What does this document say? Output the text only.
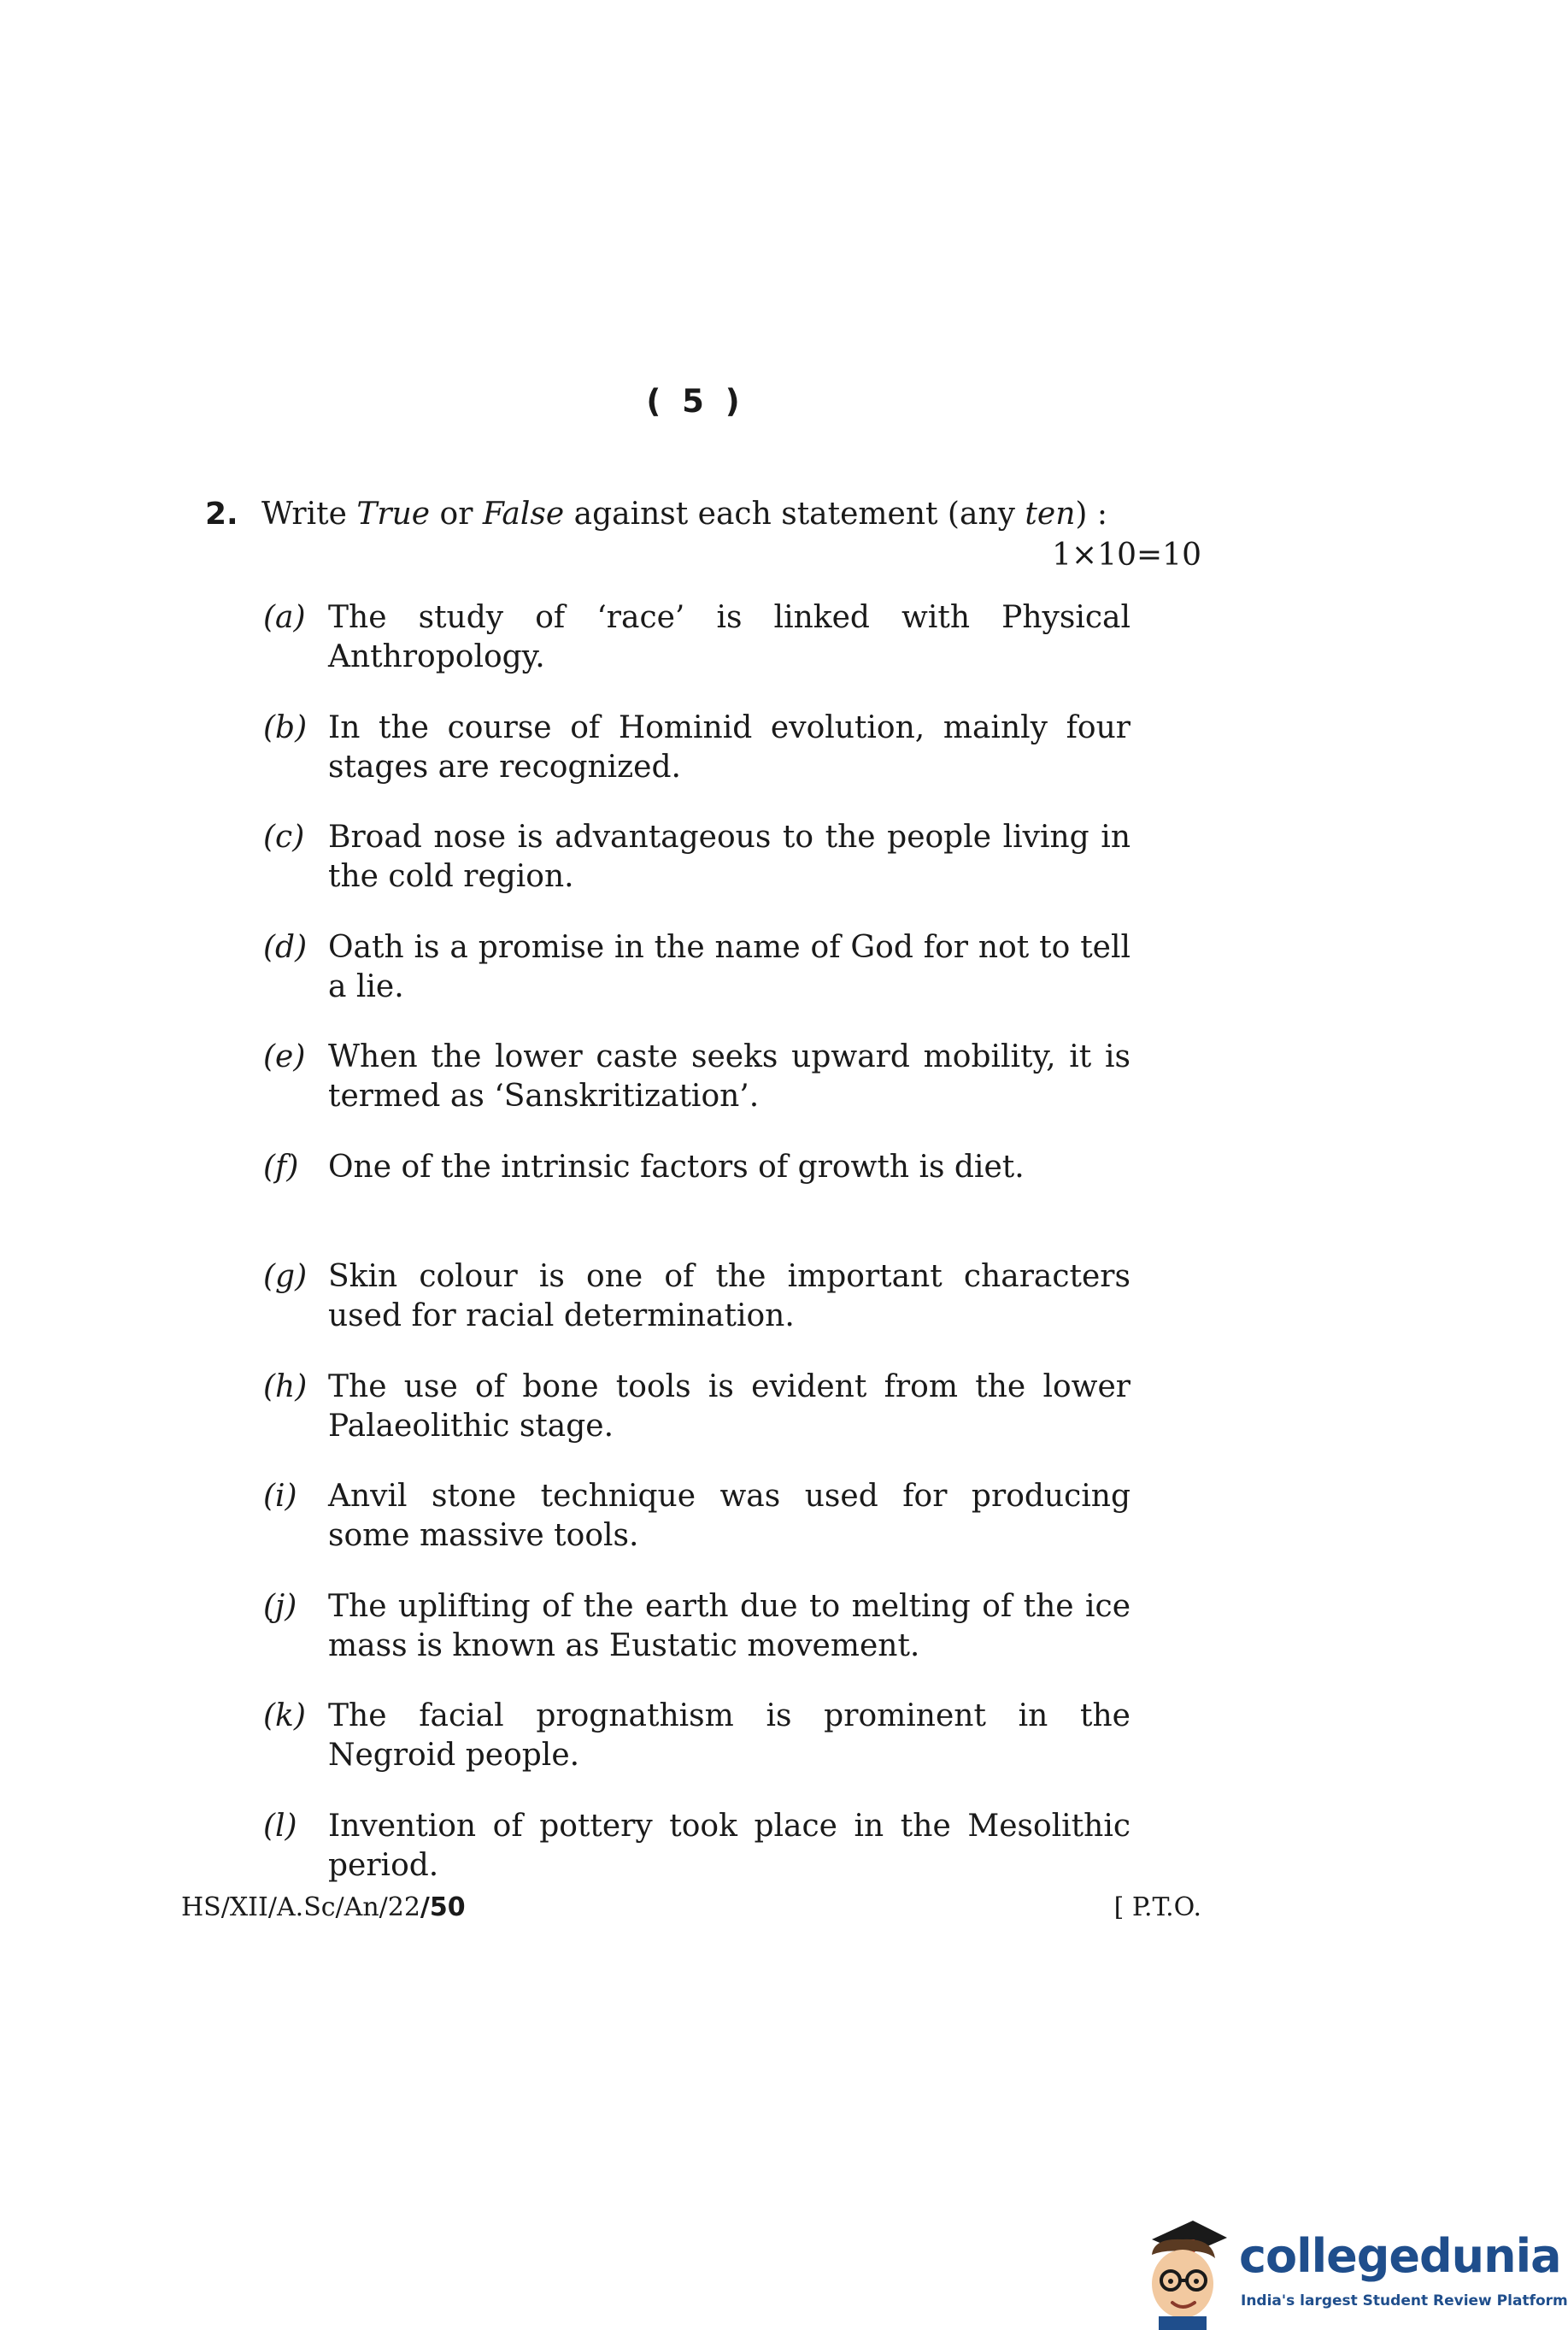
( 5 )
2. Write True or False against each statement (any ten) :
1×10=10
(a) The study of ‘race’ is linked with Physical Anthropology.
(b) In the course of Hominid evolution, mainly four stages are recognized.
(c) Broad nose is advantageous to the people living in the cold region.
(d) Oath is a promise in the name of God for not to tell a lie.
(e) When the lower caste seeks upward mobility, it is termed as ‘Sanskritization’.
(f) One of the intrinsic factors of growth is diet.
(g) Skin colour is one of the important characters used for racial determination.
(h) The use of bone tools is evident from the lower Palaeolithic stage.
(i) Anvil stone technique was used for producing some massive tools.
(j) The uplifting of the earth due to melting of the ice mass is known as Eustatic movement.
(k) The facial prognathism is prominent in the Negroid people.
(l) Invention of pottery took place in the Mesolithic period.
HS/XII/A.Sc/An/22/50	[ P.T.O.
collegedunia
India's largest Student Review Platform
